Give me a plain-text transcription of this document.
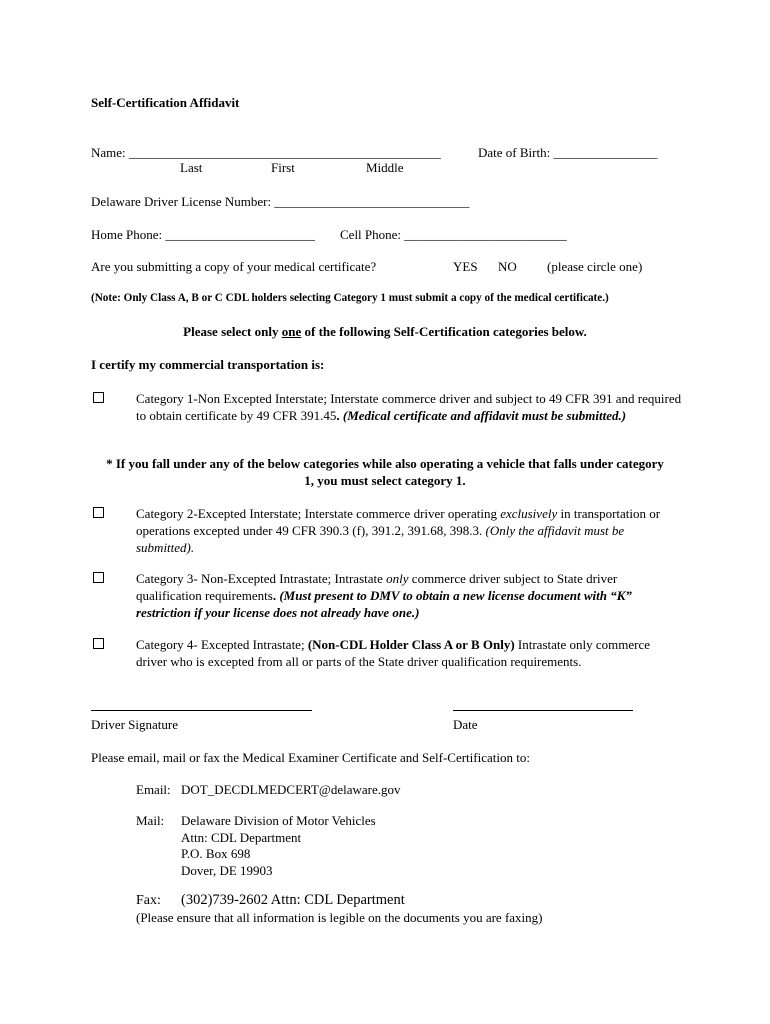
Self-Certification Affidavit
Name: ________________________________________________	Date of Birth: ________________
Last	First	Middle
Delaware Driver License Number: ______________________________
Home Phone: _______________________ Cell Phone: _________________________
Are you submitting a copy of your medical certificate?	YES NO (please circle one)
(Note: Only Class A, B or C CDL holders selecting Category 1 must submit a copy of the medical certificate.)
Please select only one of the following Self-Certification categories below.
I certify my commercial transportation is:
Category 1-Non Excepted Interstate; Interstate commerce driver and subject to 49 CFR 391 and required to obtain certificate by 49 CFR 391.45. (Medical certificate and affidavit must be submitted.)
* If you fall under any of the below categories while also operating a vehicle that falls under category 1, you must select category 1.
Category 2-Excepted Interstate; Interstate commerce driver operating exclusively in transportation or operations excepted under 49 CFR 390.3 (f), 391.2, 391.68, 398.3. (Only the affidavit must be submitted).
Category 3- Non-Excepted Intrastate; Intrastate only commerce driver subject to State driver qualification requirements. (Must present to DMV to obtain a new license document with “K” restriction if your license does not already have one.)
Category 4- Excepted Intrastate; (Non-CDL Holder Class A or B Only) Intrastate only commerce driver who is excepted from all or parts of the State driver qualification requirements.
Driver Signature	Date
Please email, mail or fax the Medical Examiner Certificate and Self-Certification to:
Email: DOT_DECDLMEDCERT@delaware.gov
Mail: Delaware Division of Motor Vehicles
Attn: CDL Department
P.O. Box 698
Dover, DE 19903
Fax: (302)739-2602 Attn: CDL Department
(Please ensure that all information is legible on the documents you are faxing)
